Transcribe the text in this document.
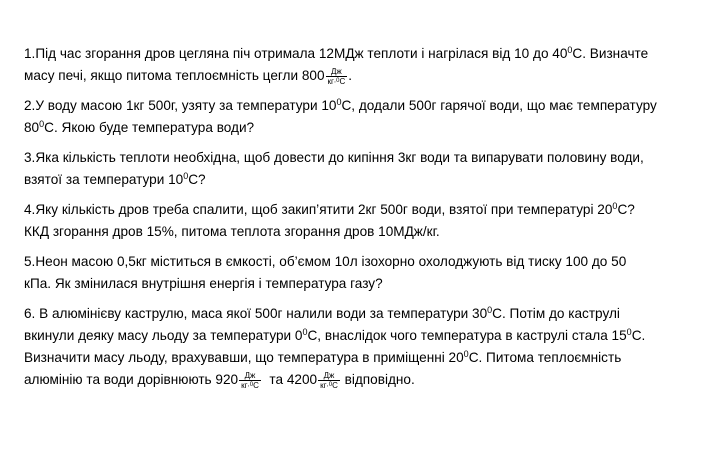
1.Під час згорання дров цегляна піч отримала 12МДж теплоти і нагрілася від 10 до $40^0С$. Визначте

масу печі, якщо питома теплоємність цегли $800 \frac{Дж}{кг\cdot^0С}$ .

2.У воду масою 1кг 500г, узяту за температури $10^0С$, додали 500г гарячої води, що має температуру

$80^0С$. Якою буде температура води?

3.Яка кількість теплоти необхідна, щоб довести до кипіння 3кг води та випарувати половину води,

взятої за температури $10^0С$?

4.Яку кількість дров треба спалити, щоб закип’ятити 2кг 500г води, взятої при температурі $20^0С$?

ККД згорання дров 15%, питома теплота згорання дров 10МДж/кг.

5.Неон масою 0,5кг міститься в ємкості, об’ємом 10л ізохорно охолоджують від тиску 100 до 50

кПа. Як змінилася внутрішня енергія і температура газу?

6. В алюмінієву каструлю, маса якої 500г налили води за температури $30^0С$. Потім до каструлі

вкинули деяку масу льоду за температури $0^0С$, внаслідок чого температура в каструлі стала $15^0С$.

Визначити масу льоду, врахувавши, що температура в приміщенні $20^0С$. Питома теплоємність

алюмінію та води дорівнюють $920 \frac{Дж}{кг\cdot^0С}$ та $4200 \frac{Дж}{кг\cdot^0С}$ відповідно.
